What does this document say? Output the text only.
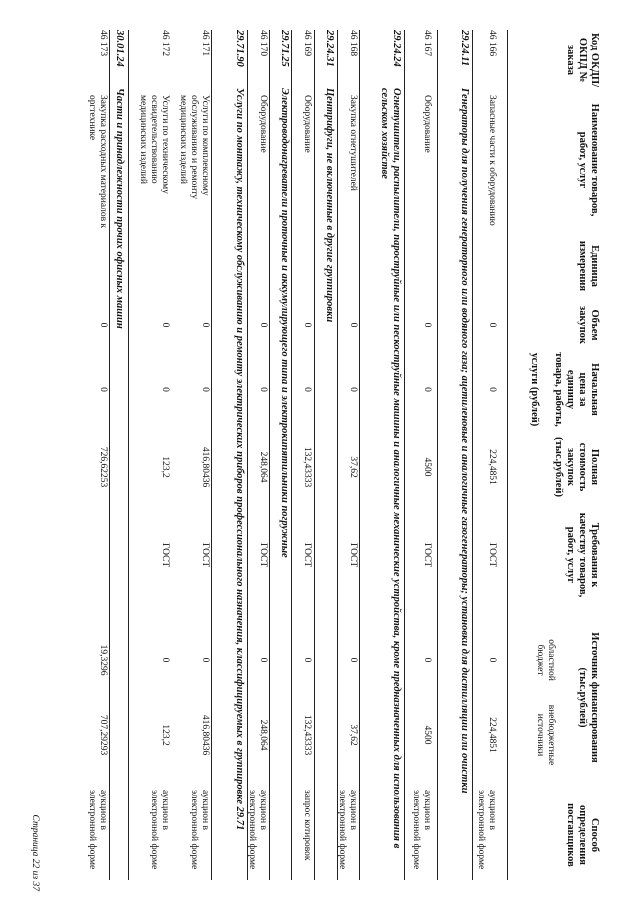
Код ОКДП/ ОКПД № заказа
Наименование товаров, работ, услуг
Единица измерения
Объем закупок
Начальная цена за единицу товара, работы,

услуги (рублей)
Полная стоимость закупок (тыс.рублей)
Требования к качеству товаров, работ, услуг
Источник финансирования (тыс.рублей)
областной бюджет
внебюджетные источники
Способ определения поставщиков
46 166
Запасные части к оборудованию
0
0
224,4851
ГОСТ
0
224,4851
аукцион в электронной форме
29.24.11
Генераторы для получения генераторного или водяного газа; ацетиленовые и аналогичные газогенераторы; установки для дистилляции или очистки
46 167
Оборудование
0
0
4500
ГОСТ
0
4500
аукцион в электронной форме
29.24.24
Огнетушители, распылители, пароструйные или пескоструйные машины и аналогичные механические устройства, кроме предназначенных для использования в сельском хозяйстве
46 168
Закупка огнетушителей
0
0
37,62
ГОСТ
0
37,62
аукцион в электронной форме
29.24.31
Центрифуги, не включенные в другие группировки
46 169
Оборудование
0
0
132,43333
ГОСТ
0
132,43333
запрос котировок
29.71.25
Электроводонагреватели проточные и аккумулирующего типа и электрокипятильники погружные
46 170
Оборудование
0
0
248,064
ГОСТ
0
248,064
аукцион в электронной форме
29.71.90
Услуги по монтажу, техническому обслуживанию и ремонту электрических приборов профессионального назначения, классифицируемых в группировке 29.71
46 171
Услуги по комплексному обслуживанию и ремонту медицинских изделий
0
0
416,80436
ГОСТ
0
416,80436
аукцион в электронной форме
46 172
Услуги по техническому освидетельствованию медицинских изделий
0
0
123,2
ГОСТ
0
123,2
аукцион в электронной форме
30.01.24
Части и принадлежности прочих офисных машин
46 173
Закупка расходных материалов к оргтехнике
0
0
726,62253
19,3296
707,29293
аукцион в электронной форме
Страница 22 из 37
